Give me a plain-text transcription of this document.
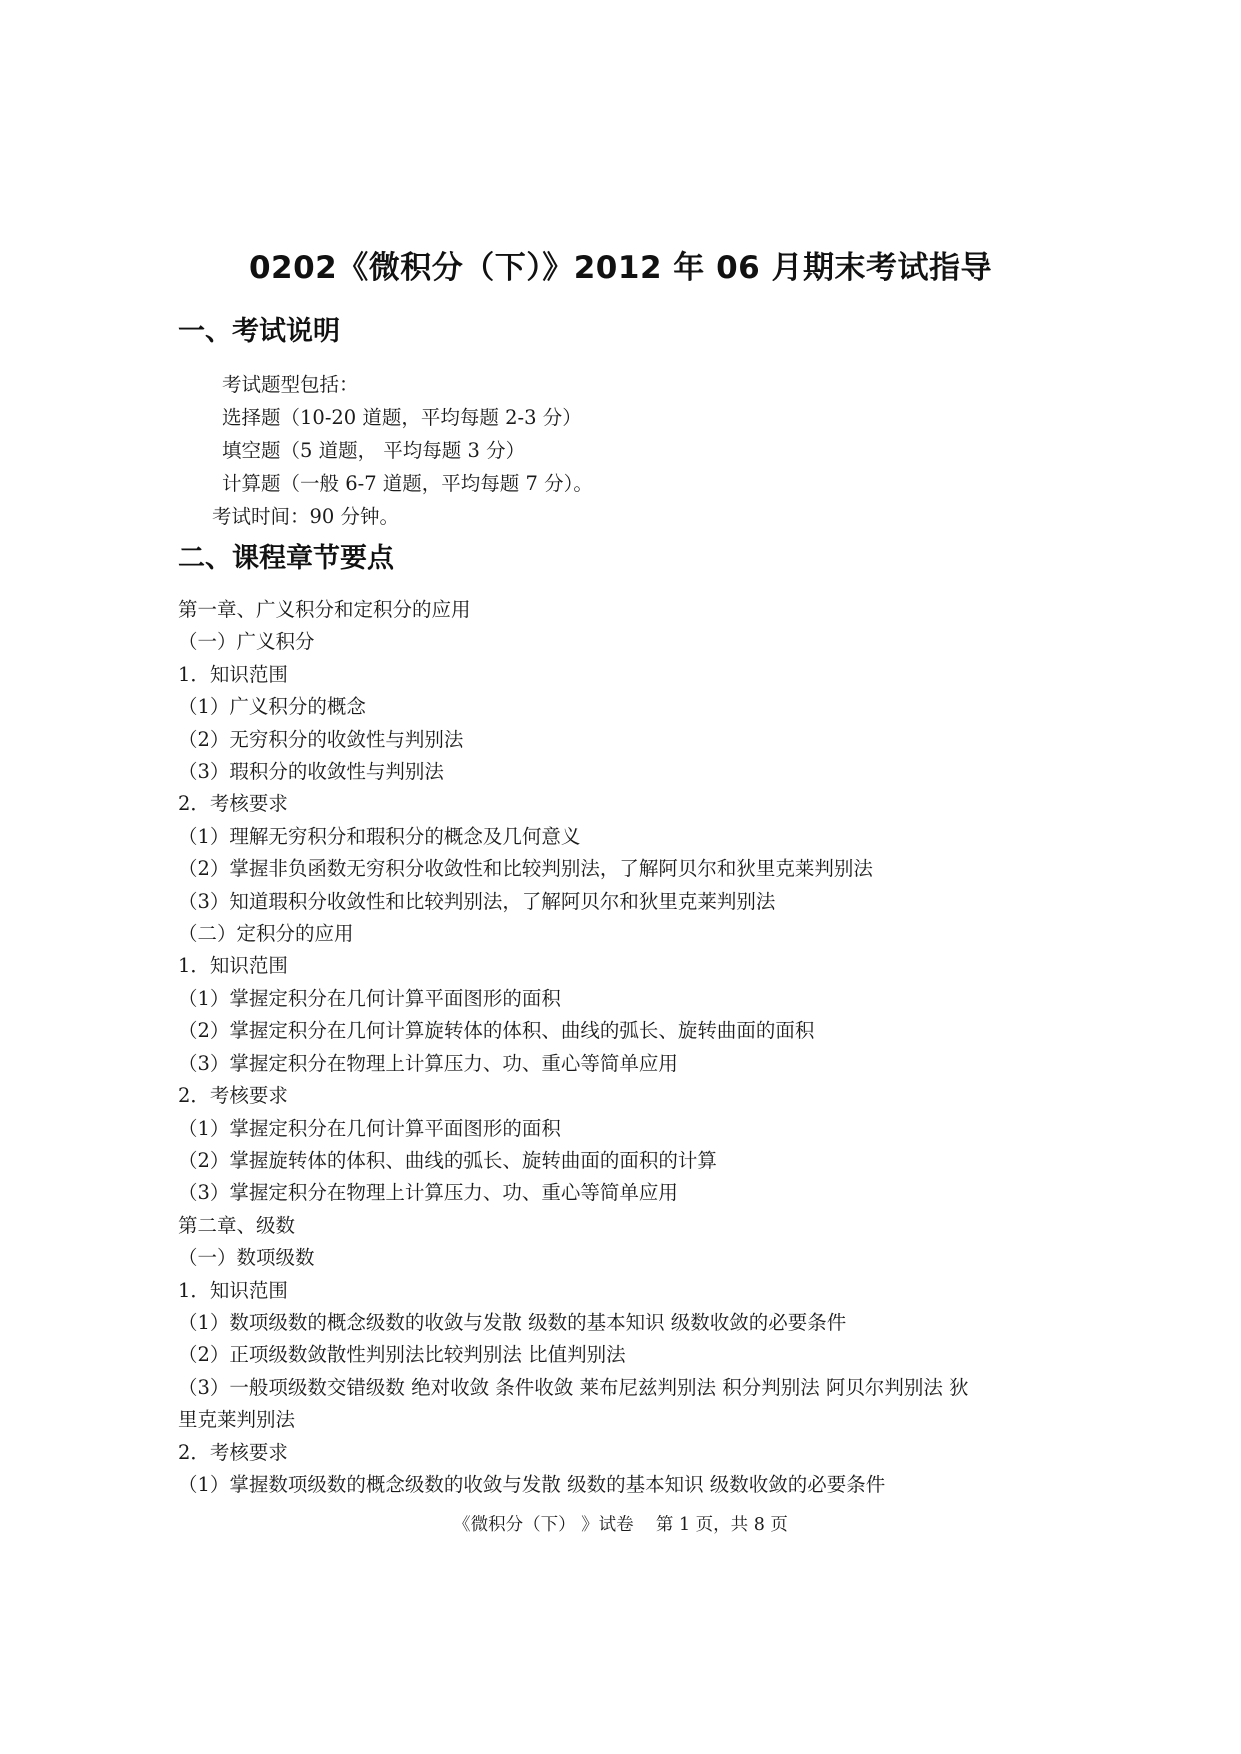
0202《微积分（下）》2012 年 06 月期末考试指导
一、考试说明
考试题型包括：
选择题（10-20 道题，平均每题 2-3 分）
填空题（5 道题， 平均每题 3 分）
计算题（一般 6-7 道题，平均每题 7 分）。
考试时间：90 分钟。
二、课程章节要点
第一章、广义积分和定积分的应用
（一）广义积分
1．知识范围
（1）广义积分的概念
（2）无穷积分的收敛性与判别法
（3）瑕积分的收敛性与判别法
2．考核要求
（1）理解无穷积分和瑕积分的概念及几何意义
（2）掌握非负函数无穷积分收敛性和比较判别法，了解阿贝尔和狄里克莱判别法
（3）知道瑕积分收敛性和比较判别法，了解阿贝尔和狄里克莱判别法
（二）定积分的应用
1．知识范围
（1）掌握定积分在几何计算平面图形的面积
（2）掌握定积分在几何计算旋转体的体积、曲线的弧长、旋转曲面的面积
（3）掌握定积分在物理上计算压力、功、重心等简单应用
2．考核要求
（1）掌握定积分在几何计算平面图形的面积
（2）掌握旋转体的体积、曲线的弧长、旋转曲面的面积的计算
（3）掌握定积分在物理上计算压力、功、重心等简单应用
第二章、级数
（一）数项级数
1．知识范围
（1）数项级数的概念级数的收敛与发散 级数的基本知识 级数收敛的必要条件
（2）正项级数敛散性判别法比较判别法 比值判别法
（3）一般项级数交错级数 绝对收敛 条件收敛 莱布尼兹判别法 积分判别法 阿贝尔判别法 狄
里克莱判别法
2．考核要求
（1）掌握数项级数的概念级数的收敛与发散 级数的基本知识 级数收敛的必要条件
《微积分（下） 》试卷    第 1 页，共 8 页
